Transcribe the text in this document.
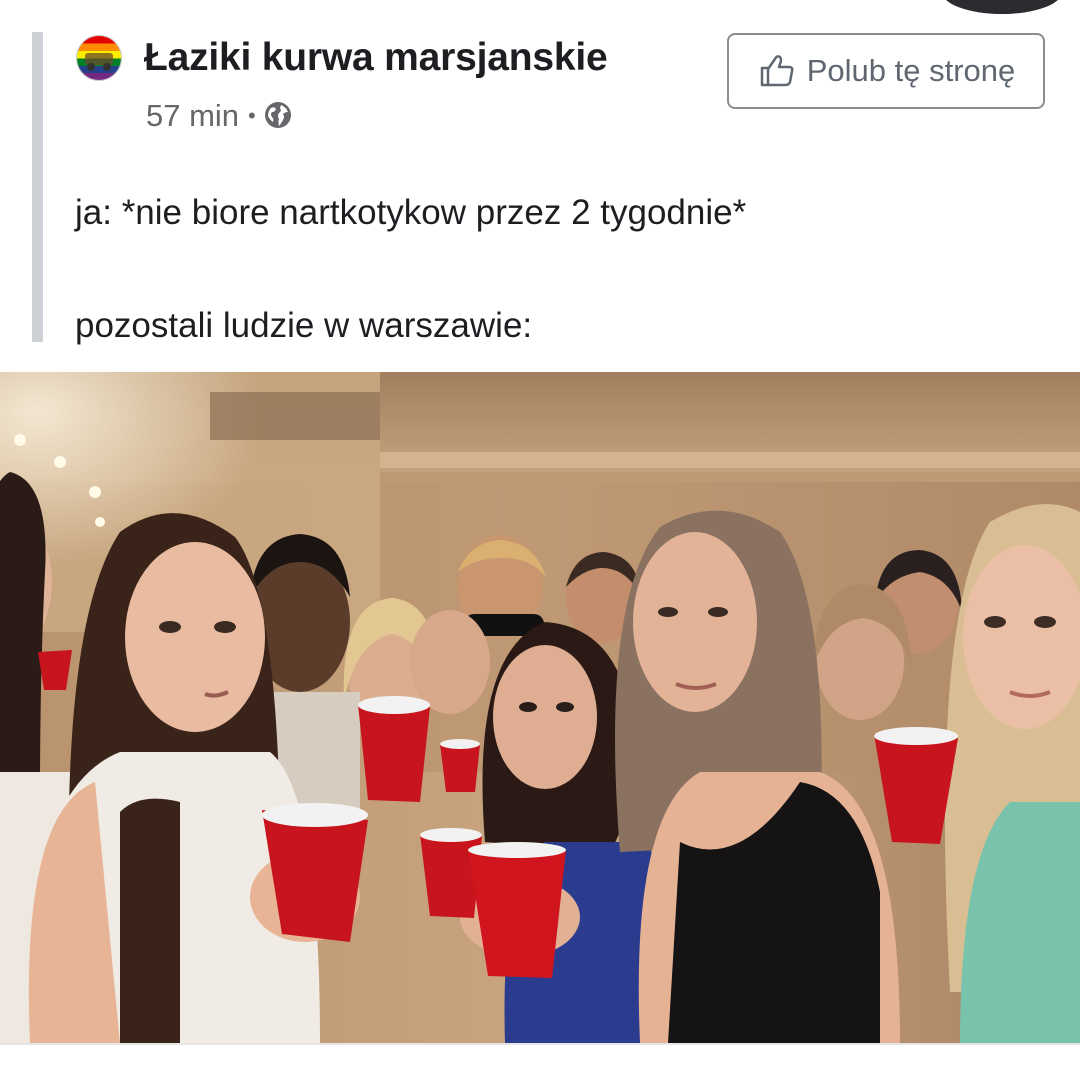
Łaziki kurwa marsjanskie
57 min •
Polub tę stronę
ja: *nie biore nartkotykow przez 2 tygodnie*
pozostali ludzie w warszawie:
